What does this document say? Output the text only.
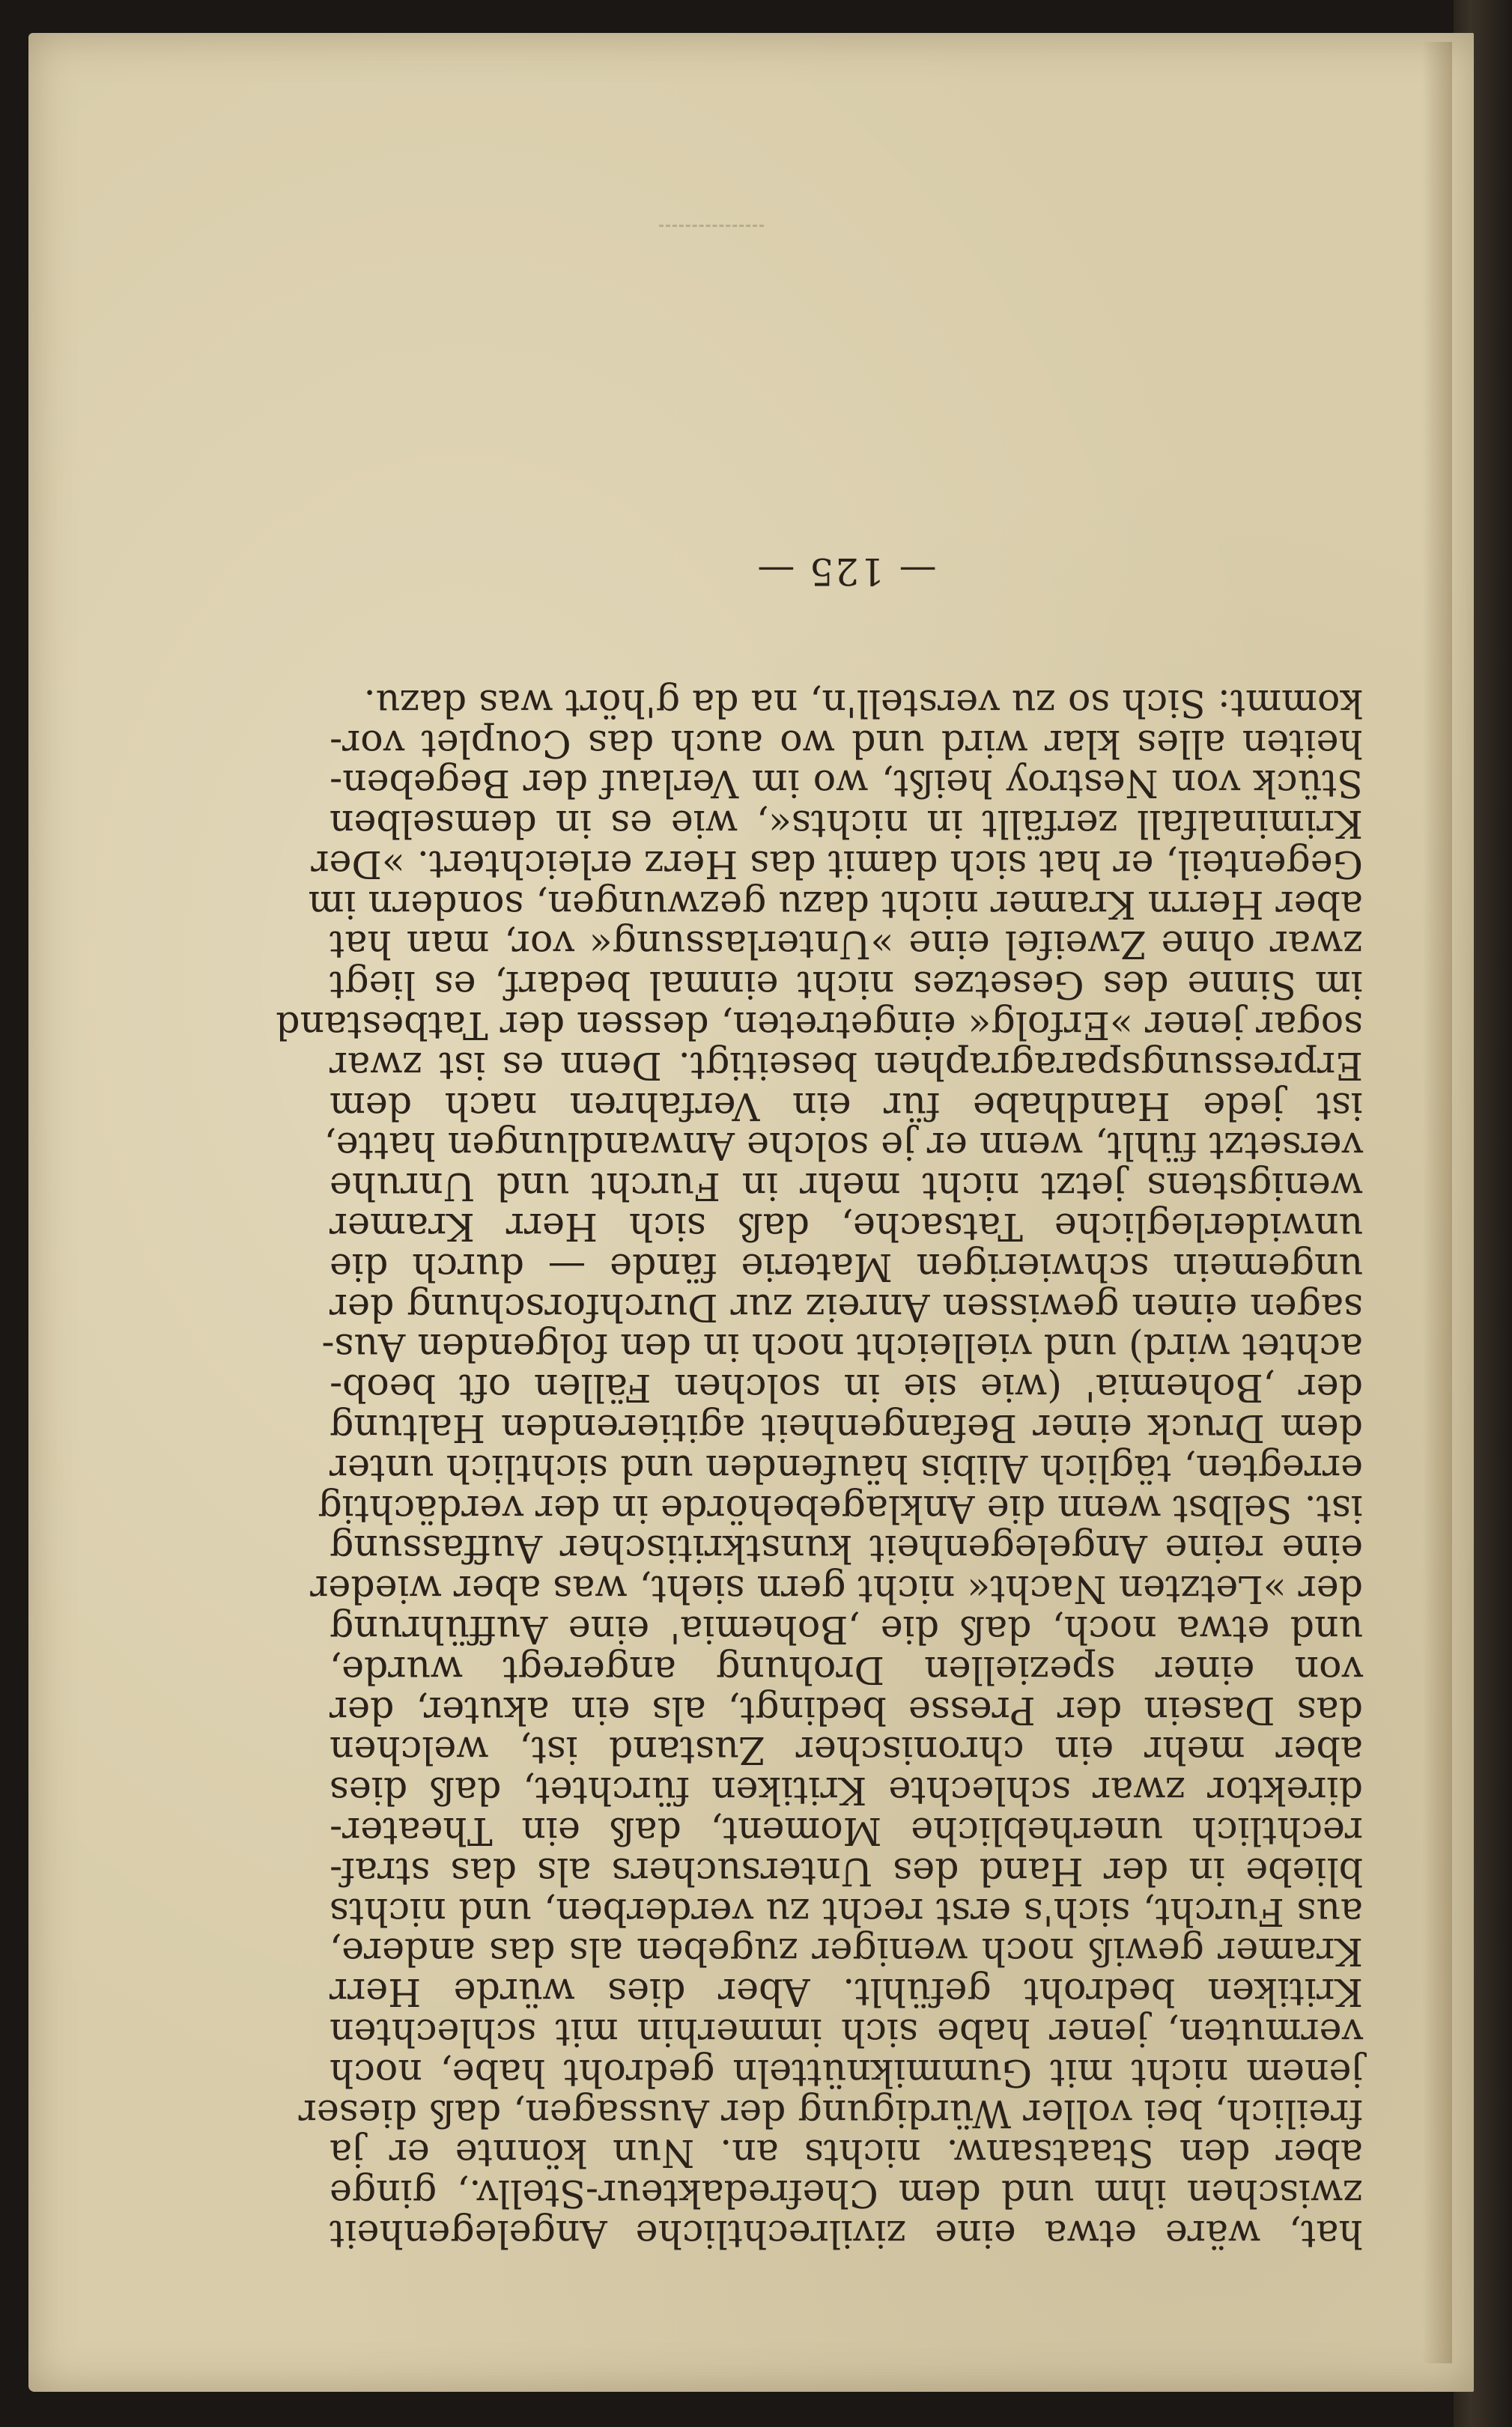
hat, wäre etwa eine zivilrechtliche Angelegenheit
zwischen ihm und dem Chefredakteur-Stellv., ginge
aber den Staatsanw. nichts an. Nun könnte er ja
freilich, bei voller Würdigung der Aussagen, daß dieser
jenem nicht mit Gummiknütteln gedroht habe, noch
vermuten, jener habe sich immerhin mit schlechten
Kritiken bedroht gefühlt. Aber dies würde Herr
Kramer gewiß noch weniger zugeben als das andere,
aus Furcht, sich's erst recht zu verderben, und nichts
bliebe in der Hand des Untersuchers als das straf-
rechtlich unerhebliche Moment, daß ein Theater-
direktor zwar schlechte Kritiken fürchtet, daß dies
aber mehr ein chronischer Zustand ist, welchen
das Dasein der Presse bedingt, als ein akuter, der
von einer speziellen Drohung angeregt wurde,
und etwa noch, daß die ‚Bohemia' eine Aufführung
der »Letzten Nacht« nicht gern sieht, was aber wieder
eine reine Angelegenheit kunstkritischer Auffassung
ist. Selbst wenn die Anklagebehörde in der verdächtig
erregten, täglich Alibis häufenden und sichtlich unter
dem Druck einer Befangenheit agitierenden Haltung
der ‚Bohemia' (wie sie in solchen Fällen oft beob-
achtet wird) und vielleicht noch in den folgenden Aus-
sagen einen gewissen Anreiz zur Durchforschung der
ungemein schwierigen Materie fände — durch die
unwiderlegliche Tatsache, daß sich Herr Kramer
wenigstens jetzt nicht mehr in Furcht und Unruhe
versetzt fühlt, wenn er je solche Anwandlungen hatte,
ist jede Handhabe für ein Verfahren nach dem
Erpressungsparagraphen beseitigt. Denn es ist zwar
sogar jener »Erfolg« eingetreten, dessen der Tatbestand
im Sinne des Gesetzes nicht einmal bedarf, es liegt
zwar ohne Zweifel eine »Unterlassung« vor, man hat
aber Herrn Kramer nicht dazu gezwungen, sondern im
Gegenteil, er hat sich damit das Herz erleichtert. »Der
Kriminalfall zerfällt in nichts«, wie es in demselben
Stück von Nestroy heißt, wo im Verlauf der Begeben-
heiten alles klar wird und wo auch das Couplet vor-
kommt: Sich so zu verstell'n, na da g'hört was dazu.
— 125 —
